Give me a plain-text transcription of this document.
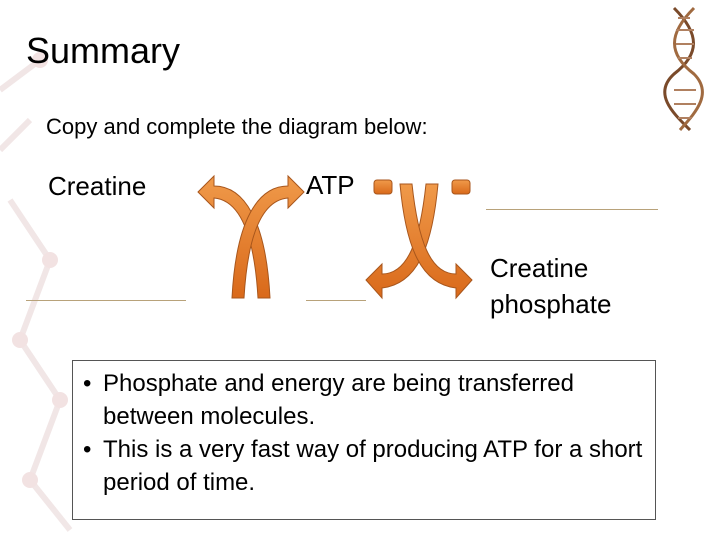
Summary
Copy and complete the diagram below:
Creatine	ATP
Creatine
phosphate
• Phosphate and energy are being transferred between molecules.
• This is a very fast way of producing ATP for a short period of time.
